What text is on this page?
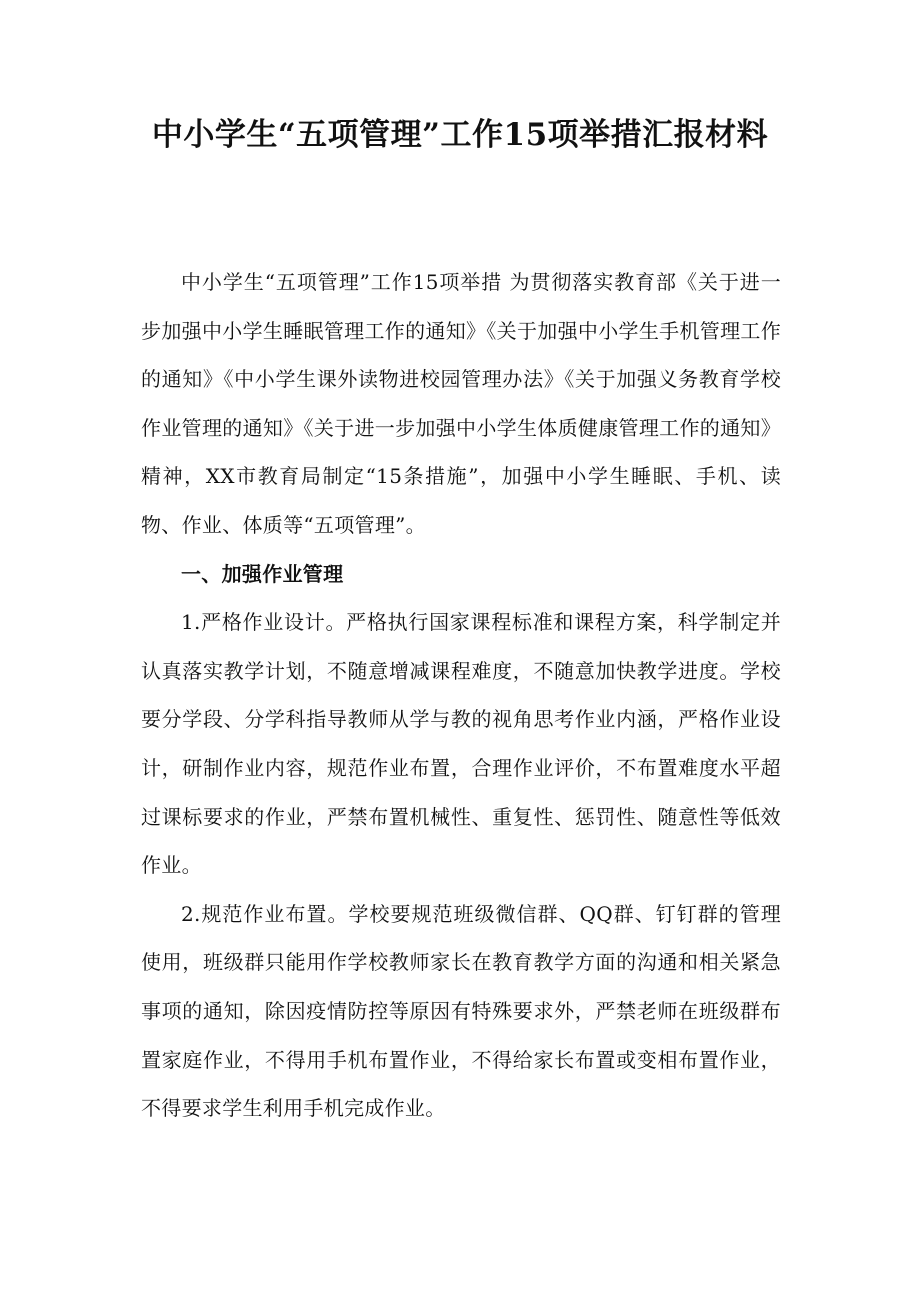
中小学生“五项管理”工作15项举措汇报材料

中小学生“五项管理”工作15项举措 为贯彻落实教育部《关于进一步加强中小学生睡眠管理工作的通知》《关于加强中小学生手机管理工作的通知》《中小学生课外读物进校园管理办法》《关于加强义务教育学校作业管理的通知》《关于进一步加强中小学生体质健康管理工作的通知》精神，XX市教育局制定“15条措施”，加强中小学生睡眠、手机、读物、作业、体质等“五项管理”。

一、加强作业管理

1.严格作业设计。严格执行国家课程标准和课程方案，科学制定并认真落实教学计划，不随意增减课程难度，不随意加快教学进度。学校要分学段、分学科指导教师从学与教的视角思考作业内涵，严格作业设计，研制作业内容，规范作业布置，合理作业评价，不布置难度水平超过课标要求的作业，严禁布置机械性、重复性、惩罚性、随意性等低效作业。

2.规范作业布置。学校要规范班级微信群、QQ群、钉钉群的管理使用，班级群只能用作学校教师家长在教育教学方面的沟通和相关紧急事项的通知，除因疫情防控等原因有特殊要求外，严禁老师在班级群布置家庭作业，不得用手机布置作业，不得给家长布置或变相布置作业，不得要求学生利用手机完成作业。
